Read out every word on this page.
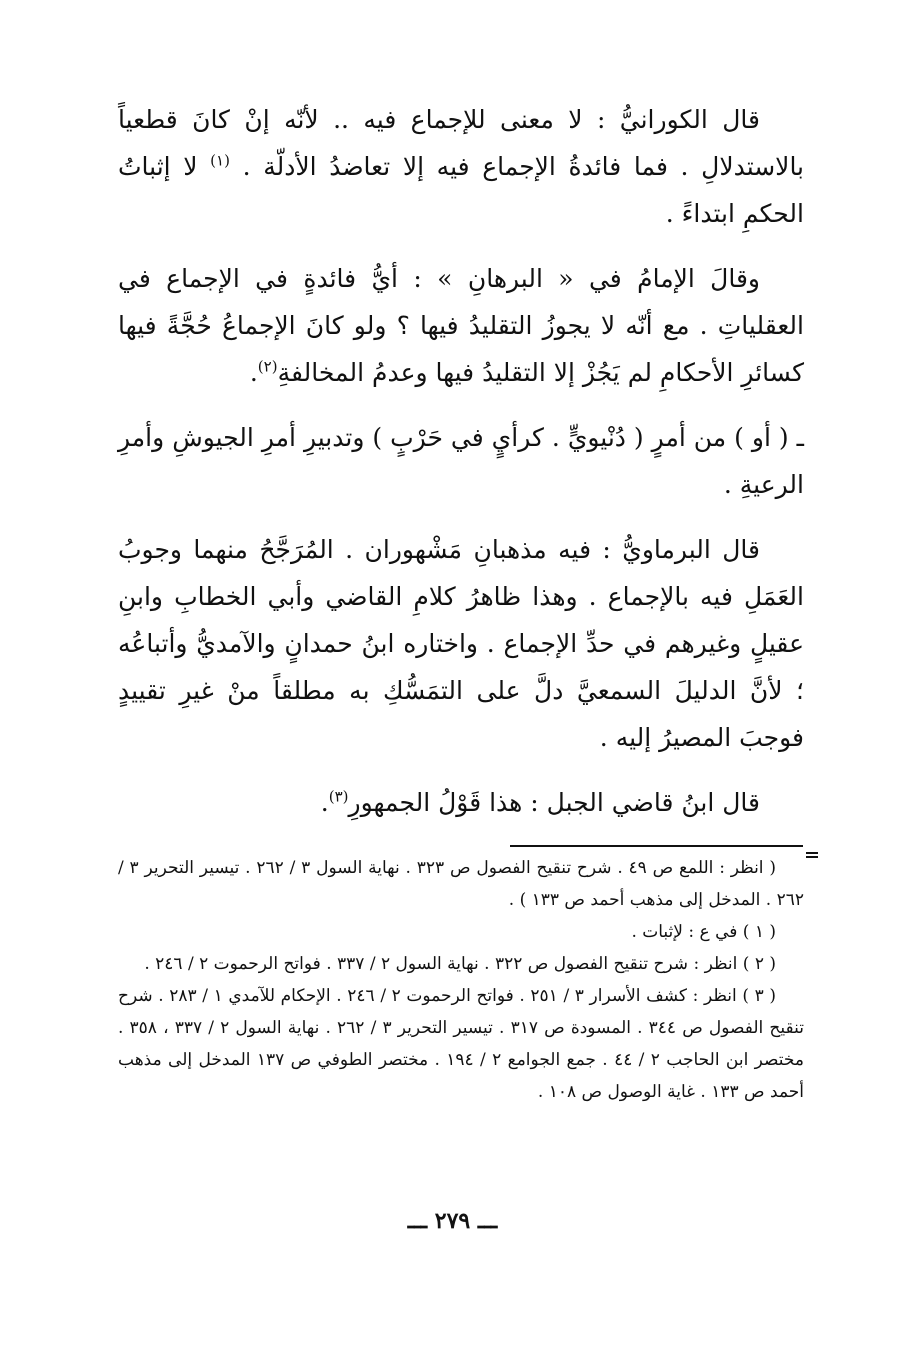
قال الكورانيُّ : لا معنى للإجماع فيه .. لأنّه إنْ كانَ قطعياً بالاستدلالِ . فما فائدةُ الإجماع فيه إلا تعاضدُ الأدلّة . $^{(١)}$ لا إثباتُ الحكمِ ابتداءً .

وقالَ الإمامُ في « البرهانِ » : أيُّ فائدةٍ في الإجماع في العقلياتِ . مع أنّه لا يجوزُ التقليدُ فيها ؟ ولو كانَ الإجماعُ حُجَّةً فيها كسائرِ الأحكامِ لم يَجُزْ إلا التقليدُ فيها وعدمُ المخالفةِ$^{(٢)}$.

ـ ( أو ) من أمرٍ ( دُنْيويٍّ . كرأيٍ في حَرْبٍ ) وتدبيرِ أمرِ الجيوشِ وأمرِ الرعيةِ .

قال البرماويُّ : فيه مذهبانِ مَشْهوران . المُرَجَّحُ منهما وجوبُ العَمَلِ فيه بالإجماع . وهذا ظاهرُ كلامِ القاضي وأبي الخطابِ وابنِ عقيلٍ وغيرهم في حدِّ الإجماع . واختاره ابنُ حمدانٍ والآمديُّ وأتباعُه ؛ لأنَّ الدليلَ السمعيَّ دلَّ على التمَسُّكِ به مطلقاً منْ غيرِ تقييدٍ فوجبَ المصيرُ إليه .

قال ابنُ قاضي الجبل : هذا قَوْلُ الجمهورِ$^{(٣)}$.

( انظر : اللمع ص ٤٩ . شرح تنقيح الفصول ص ٣٢٣ . نهاية السول ٣ / ٢٦٢ . تيسير التحرير ٣ / ٢٦٢ . المدخل إلى مذهب أحمد ص ١٣٣ ) .

( ١ ) في ع : لإثبات .

( ٢ ) انظر : شرح تنقيح الفصول ص ٣٢٢ . نهاية السول ٢ / ٣٣٧ . فواتح الرحموت ٢ / ٢٤٦ .

( ٣ ) انظر : كشف الأسرار ٣ / ٢٥١ . فواتح الرحموت ٢ / ٢٤٦ . الإحكام للآمدي ١ / ٢٨٣ . شرح تنقيح الفصول ص ٣٤٤ . المسودة ص ٣١٧ . تيسير التحرير ٣ / ٢٦٢ . نهاية السول ٢ / ٣٣٧ ، ٣٥٨ . مختصر ابن الحاجب ٢ / ٤٤ . جمع الجوامع ٢ / ١٩٤ . مختصر الطوفي ص ١٣٧ المدخل إلى مذهب أحمد ص ١٣٣ . غاية الوصول ص ١٠٨ .

ـــ ٢٧٩ ـــ
